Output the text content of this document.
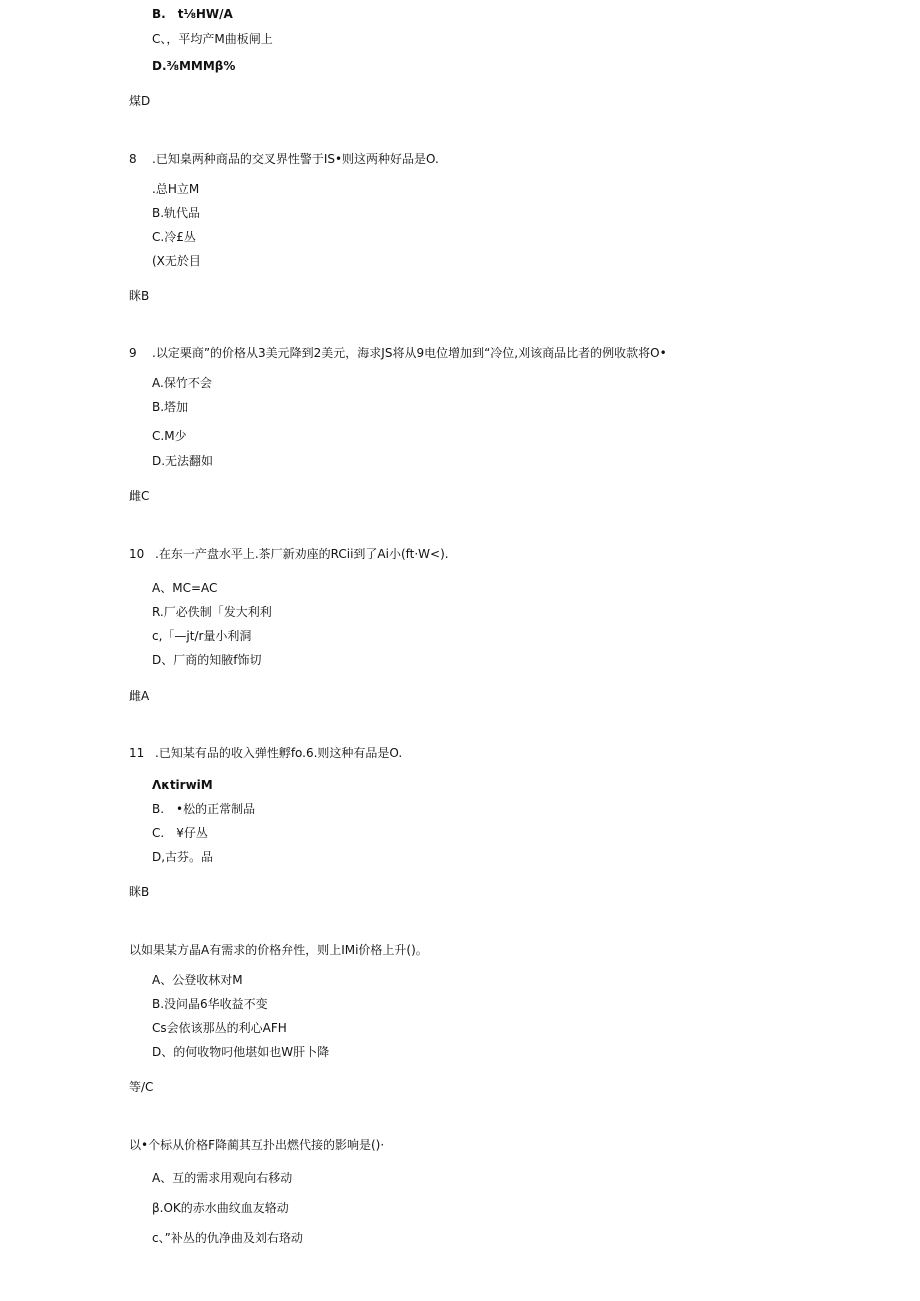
B.　t⅛HW/A
C、，平均产M曲板闸上
D.⅜MMMβ%
煤D
8 .已知臬两种商品的交叉界性警于IS•则这两种好品是O.
.总H立M
B.轨代品
C.冷£丛
(X无於目
眯B
9 .以定栗商”的价格从3美元降到2美元，海求JS将从9电位增加到“冷位,刈该商品比者的例收款将O•
A.保竹不会
B.塔加
C.M少
D.无法翻如
雌C
10 .在东一产盘水平上.茶厂新劝座的RCii到了Ai小(ft·W<).
A、MC=AC
R.厂必佚制「发大利利
c,「—jt/r量小利洞
D、厂商的知腋f饰切
雌A
11 .已知某有品的收入弹性孵fo.6.则这种有品是O.
ΛκtirwiM
B.　•松的正常制品
C.　¥仔丛
D,古芬。品
眯B
以如果某方晶A有需求的价格弁性，则上IMi价格上升()。
A、公登收林对M
B.没问晶6华收益不变
Cs会依该那丛的利心AFH
D、的何收物叼他堪如也W肝卜降
等/C
以•个标从价格F降蔺其互扑出燃代接的影响是()·
A、互的需求用观向右移动
β.OK的赤水曲纹血友辂动
c、”补丛的仇净曲及刘右珞动
